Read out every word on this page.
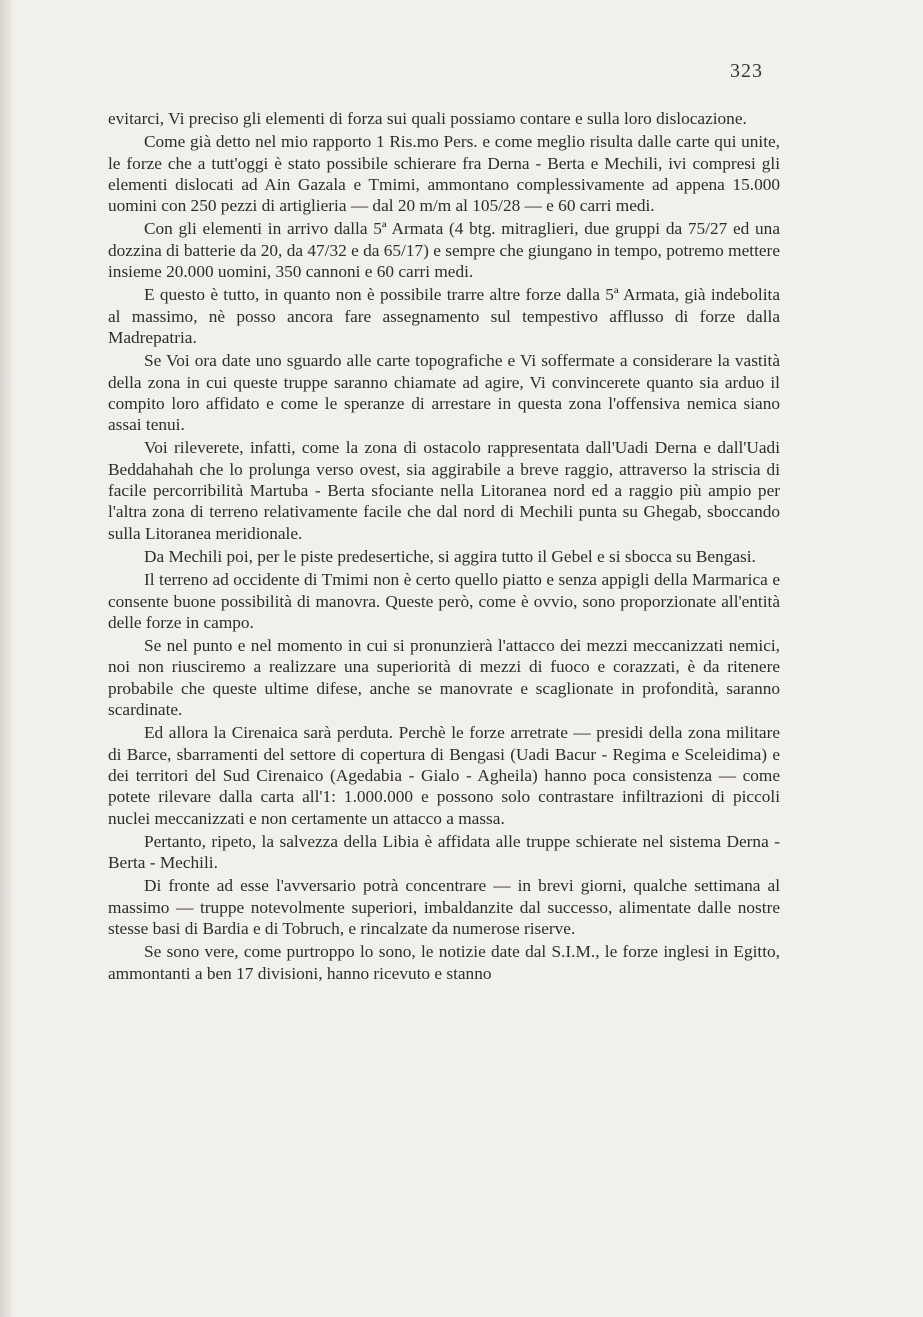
323

evitarci, Vi preciso gli elementi di forza sui quali possiamo contare e sulla loro dislocazione.

Come già detto nel mio rapporto 1 Ris.mo Pers. e come meglio risulta dalle carte qui unite, le forze che a tutt'oggi è stato possibile schierare fra Derna - Berta e Mechili, ivi compresi gli elementi dislocati ad Ain Gazala e Tmimi, ammontano complessivamente ad appena 15.000 uomini con 250 pezzi di artiglieria — dal 20 m/m al 105/28 — e 60 carri medi.

Con gli elementi in arrivo dalla 5ª Armata (4 btg. mitraglieri, due gruppi da 75/27 ed una dozzina di batterie da 20, da 47/32 e da 65/17) e sempre che giungano in tempo, potremo mettere insieme 20.000 uomini, 350 cannoni e 60 carri medi.

E questo è tutto, in quanto non è possibile trarre altre forze dalla 5ª Armata, già indebolita al massimo, nè posso ancora fare assegnamento sul tempestivo afflusso di forze dalla Madrepatria.

Se Voi ora date uno sguardo alle carte topografiche e Vi soffermate a considerare la vastità della zona in cui queste truppe saranno chiamate ad agire, Vi convincerete quanto sia arduo il compito loro affidato e come le speranze di arrestare in questa zona l'offensiva nemica siano assai tenui.

Voi rileverete, infatti, come la zona di ostacolo rappresentata dall'Uadi Derna e dall'Uadi Beddahahah che lo prolunga verso ovest, sia aggirabile a breve raggio, attraverso la striscia di facile percorribilità Martuba - Berta sfociante nella Litoranea nord ed a raggio più ampio per l'altra zona di terreno relativamente facile che dal nord di Mechili punta su Ghegab, sboccando sulla Litoranea meridionale.

Da Mechili poi, per le piste predesertiche, si aggira tutto il Gebel e si sbocca su Bengasi.

Il terreno ad occidente di Tmimi non è certo quello piatto e senza appigli della Marmarica e consente buone possibilità di manovra. Queste però, come è ovvio, sono proporzionate all'entità delle forze in campo.

Se nel punto e nel momento in cui si pronunzierà l'attacco dei mezzi meccanizzati nemici, noi non riusciremo a realizzare una superiorità di mezzi di fuoco e corazzati, è da ritenere probabile che queste ultime difese, anche se manovrate e scaglionate in profondità, saranno scardinate.

Ed allora la Cirenaica sarà perduta. Perchè le forze arretrate — presidi della zona militare di Barce, sbarramenti del settore di copertura di Bengasi (Uadi Bacur - Regima e Sceleidima) e dei territori del Sud Cirenaico (Agedabia - Gialo - Agheila) hanno poca consistenza — come potete rilevare dalla carta all'1: 1.000.000 e possono solo contrastare infiltrazioni di piccoli nuclei meccanizzati e non certamente un attacco a massa.

Pertanto, ripeto, la salvezza della Libia è affidata alle truppe schierate nel sistema Derna - Berta - Mechili.

Di fronte ad esse l'avversario potrà concentrare — in brevi giorni, qualche settimana al massimo — truppe notevolmente superiori, imbaldanzite dal successo, alimentate dalle nostre stesse basi di Bardia e di Tobruch, e rincalzate da numerose riserve.

Se sono vere, come purtroppo lo sono, le notizie date dal S.I.M., le forze inglesi in Egitto, ammontanti a ben 17 divisioni, hanno ricevuto e stanno
